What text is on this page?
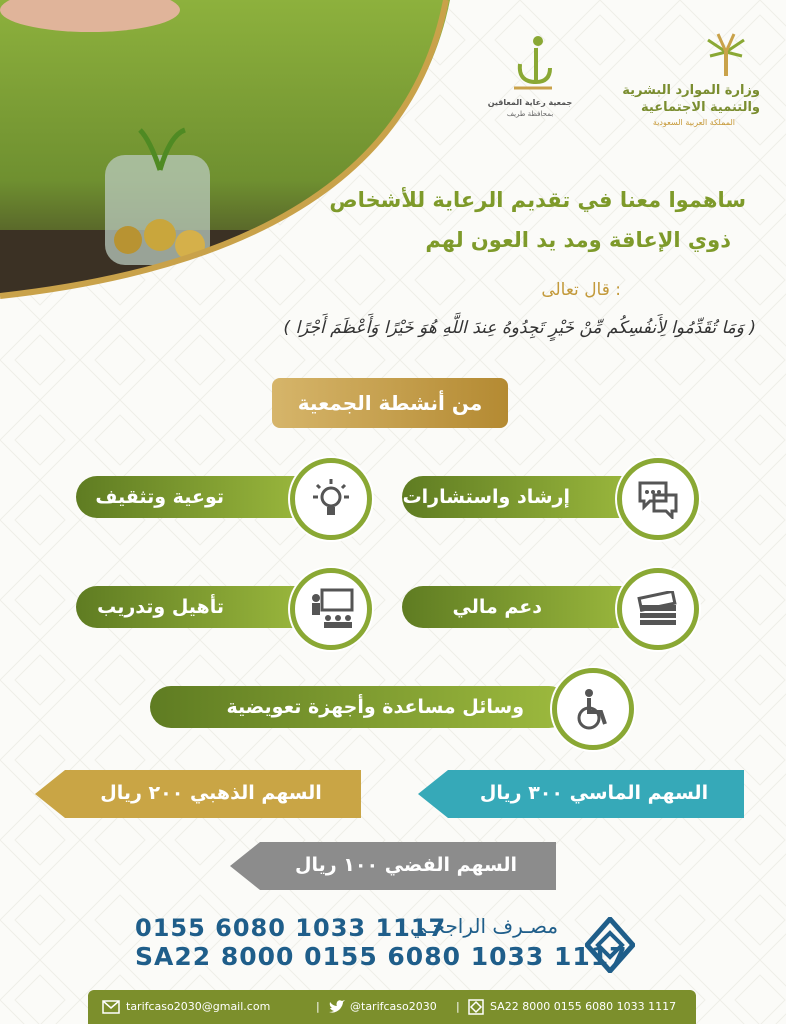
وزارة الموارد البشرية
والتنمية الاجتماعية
المملكة العربية السعودية
جمعية رعاية المعاقين
بمحافظة طريف
ساهموا معنا في تقديم الرعاية للأشخاص
ذوي الإعاقة ومد يد العون لهم
قال تعالى :
( وَمَا تُقَدِّمُوا لِأَنفُسِكُم مِّنْ خَيْرٍ تَجِدُوهُ عِندَ اللَّهِ هُوَ خَيْرًا وَأَعْظَمَ أَجْرًا )
من أنشطة الجمعية
إرشاد واستشارات
توعية وتثقيف
دعم مالي
تأهيل وتدريب
وسائل مساعدة وأجهزة تعويضية
السهم الماسي ٣٠٠ ريال
السهم الذهبي ٢٠٠ ريال
السهم الفضي ١٠٠ ريال
مصـرف الراجحـي
0155 6080 1033 1117
SA22 8000 0155 6080 1033 1117
tarifcaso2030@gmail.com	|	@tarifcaso2030 |	SA22 8000 0155 6080 1033 1117
